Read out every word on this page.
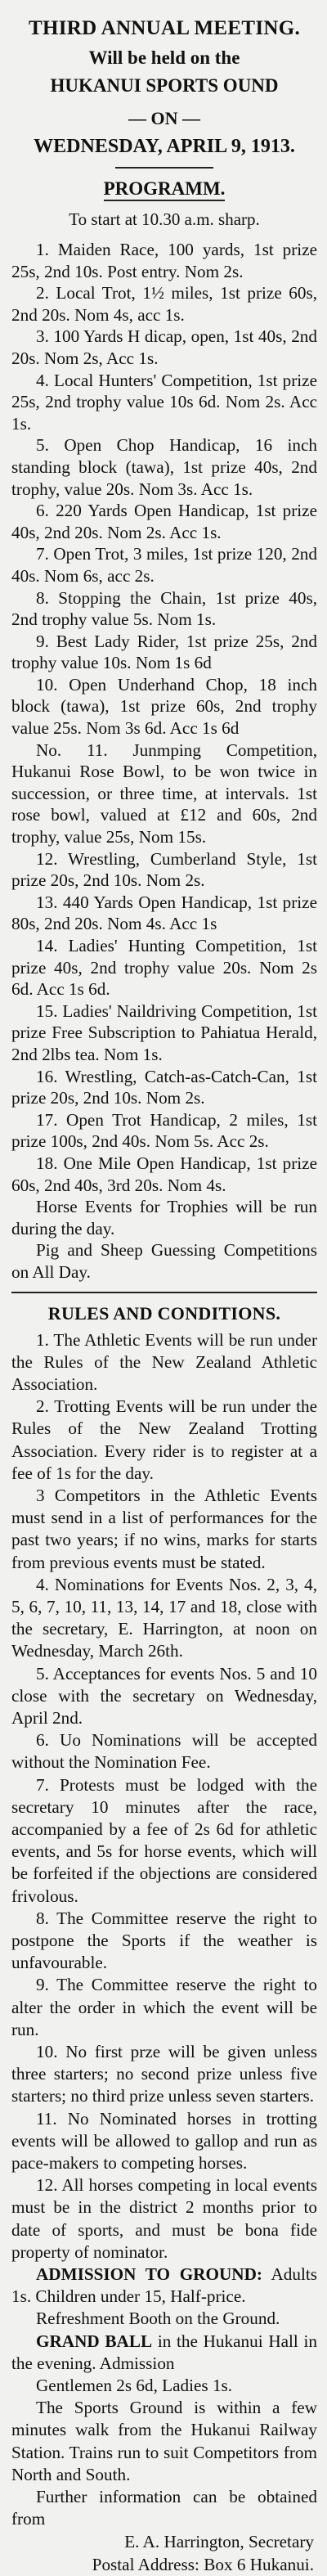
THIRD ANNUAL MEETING.
Will be held on the
HUKANUI SPORTS OUND
— ON —
WEDNESDAY, APRIL 9, 1913.
PROGRAMM.
To start at 10.30 a.m. sharp.

1. Maiden Race, 100 yards, 1st prize 25s, 2nd 10s. Post entry. Nom 2s.

2. Local Trot, 1½ miles, 1st prize 60s, 2nd 20s. Nom 4s, acc 1s.

3. 100 Yards H dicap, open, 1st 40s, 2nd 20s. Nom 2s, Acc 1s.

4. Local Hunters' Competition, 1st prize 25s, 2nd trophy value 10s 6d. Nom 2s. Acc 1s.

5. Open Chop Handicap, 16 inch standing block (tawa), 1st prize 40s, 2nd trophy, value 20s. Nom 3s. Acc 1s.

6. 220 Yards Open Handicap, 1st prize 40s, 2nd 20s. Nom 2s. Acc 1s.

7. Open Trot, 3 miles, 1st prize 120, 2nd 40s. Nom 6s, acc 2s.

8. Stopping the Chain, 1st prize 40s, 2nd trophy value 5s. Nom 1s.

9. Best Lady Rider, 1st prize 25s, 2nd trophy value 10s. Nom 1s 6d

10. Open Underhand Chop, 18 inch block (tawa), 1st prize 60s, 2nd trophy value 25s. Nom 3s 6d. Acc 1s 6d

No. 11. Junmping Competition, Hukanui Rose Bowl, to be won twice in succession, or three time, at intervals. 1st rose bowl, valued at £12 and 60s, 2nd trophy, value 25s, Nom 15s.

12. Wrestling, Cumberland Style, 1st prize 20s, 2nd 10s. Nom 2s.

13. 440 Yards Open Handicap, 1st prize 80s, 2nd 20s. Nom 4s. Acc 1s

14. Ladies' Hunting Competition, 1st prize 40s, 2nd trophy value 20s. Nom 2s 6d. Acc 1s 6d.

15. Ladies' Naildriving Competition, 1st prize Free Subscription to Pahiatua Herald, 2nd 2lbs tea. Nom 1s.

16. Wrestling, Catch-as-Catch-Can, 1st prize 20s, 2nd 10s. Nom 2s.

17. Open Trot Handicap, 2 miles, 1st prize 100s, 2nd 40s. Nom 5s. Acc 2s.

18. One Mile Open Handicap, 1st prize 60s, 2nd 40s, 3rd 20s. Nom 4s.

Horse Events for Trophies will be run during the day.

Pig and Sheep Guessing Competitions on All Day.

RULES AND CONDITIONS.

1. The Athletic Events will be run under the Rules of the New Zealand Athletic Association.

2. Trotting Events will be run under the Rules of the New Zealand Trotting Association. Every rider is to register at a fee of 1s for the day.

3 Competitors in the Athletic Events must send in a list of performances for the past two years; if no wins, marks for starts from previous events must be stated.

4. Nominations for Events Nos. 2, 3, 4, 5, 6, 7, 10, 11, 13, 14, 17 and 18, close with the secretary, E. Harrington, at noon on Wednesday, March 26th.

5. Acceptances for events Nos. 5 and 10 close with the secretary on Wednesday, April 2nd.

6. Uo Nominations will be accepted without the Nomination Fee.

7. Protests must be lodged with the secretary 10 minutes after the race, accompanied by a fee of 2s 6d for athletic events, and 5s for horse events, which will be forfeited if the objections are considered frivolous.

8. The Committee reserve the right to postpone the Sports if the weather is unfavourable.

9. The Committee reserve the right to alter the order in which the event will be run.

10. No first prze will be given unless three starters; no second prize unless five starters; no third prize unless seven starters.

11. No Nominated horses in trotting events will be allowed to gallop and run as pace-makers to competing horses.

12. All horses competing in local events must be in the district 2 months prior to date of sports, and must be bona fide property of nominator.

ADMISSION TO GROUND: Adults 1s. Children under 15, Half-price.

Refreshment Booth on the Ground.

GRAND BALL in the Hukanui Hall in the evening. Admission

Gentlemen 2s 6d, Ladies 1s.

The Sports Ground is within a few minutes walk from the Hukanui Railway Station. Trains run to suit Competitors from North and South.

Further information can be obtained from

E. A. Harrington, Secretary
Postal Address: Box 6 Hukanui.
